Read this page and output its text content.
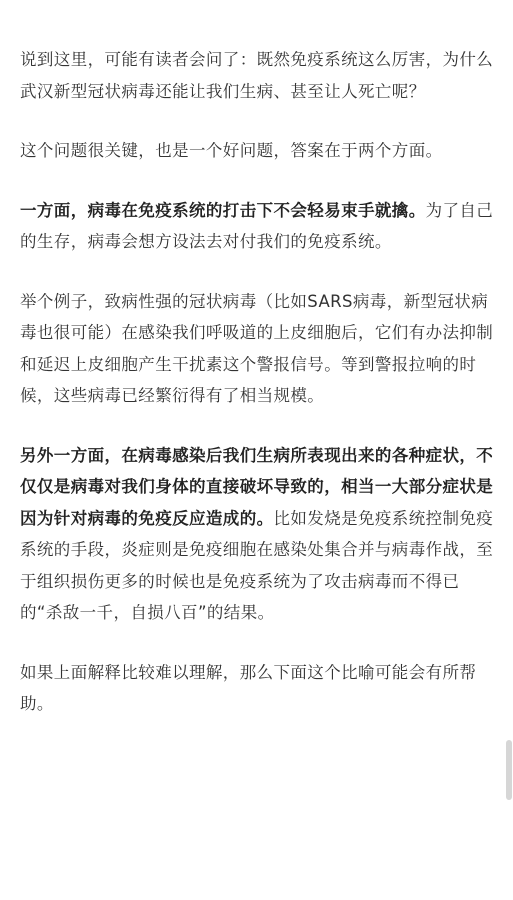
说到这里，可能有读者会问了：既然免疫系统这么厉害，为什么武汉新型冠状病毒还能让我们生病、甚至让人死亡呢？

这个问题很关键，也是一个好问题，答案在于两个方面。

一方面，病毒在免疫系统的打击下不会轻易束手就擒。为了自己的生存，病毒会想方设法去对付我们的免疫系统。

举个例子，致病性强的冠状病毒（比如SARS病毒，新型冠状病毒也很可能）在感染我们呼吸道的上皮细胞后，它们有办法抑制和延迟上皮细胞产生干扰素这个警报信号。等到警报拉响的时候，这些病毒已经繁衍得有了相当规模。

另外一方面，在病毒感染后我们生病所表现出来的各种症状，不仅仅是病毒对我们身体的直接破坏导致的，相当一大部分症状是因为针对病毒的免疫反应造成的。比如发烧是免疫系统控制免疫系统的手段，炎症则是免疫细胞在感染处集合并与病毒作战，至于组织损伤更多的时候也是免疫系统为了攻击病毒而不得已的“杀敌一千，自损八百”的结果。

如果上面解释比较难以理解，那么下面这个比喻可能会有所帮助。
